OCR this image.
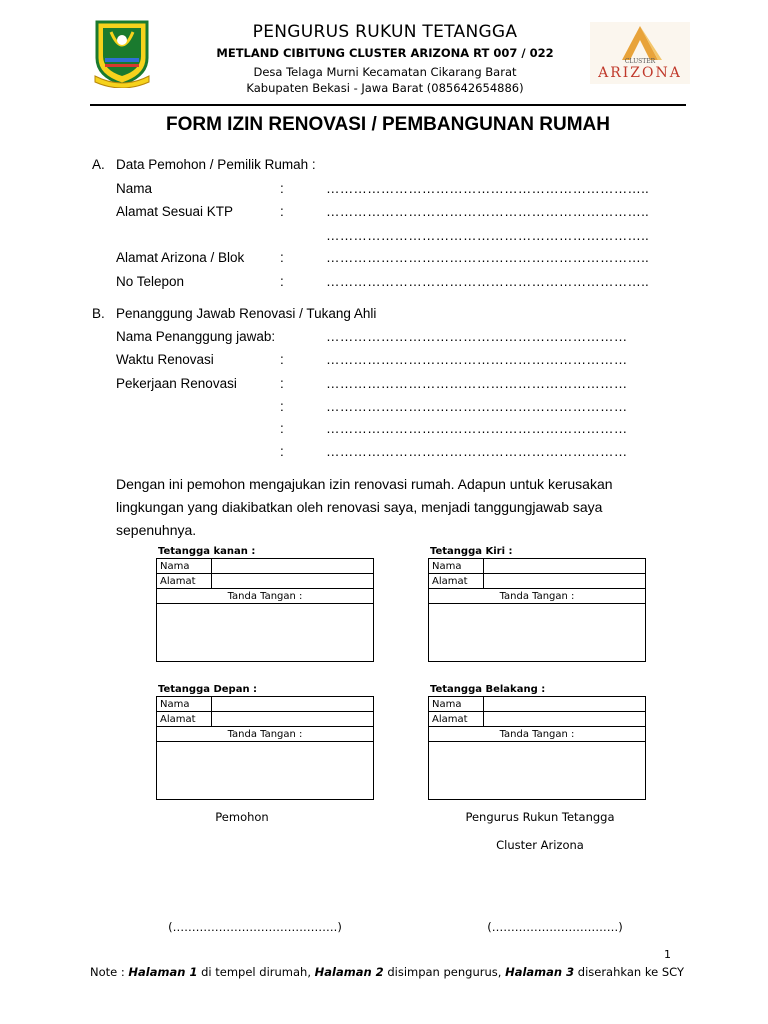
PENGURUS RUKUN TETANGGA
METLAND CIBITUNG CLUSTER ARIZONA RT 007 / 022
Desa Telaga Murni Kecamatan Cikarang Barat
Kabupaten Bekasi - Jawa Barat (085642654886)
CLUSTER
ARIZONA
FORM IZIN RENOVASI / PEMBANGUNAN RUMAH
A. Data Pemohon / Pemilik Rumah :
Nama	:	……………………………………………………………..
Alamat Sesuai KTP	:	……………………………………………………………..
……………………………………………………………..
Alamat Arizona / Blok	:	……………………………………………………………..
No Telepon	:	……………………………………………………………..
B. Penanggung Jawab Renovasi / Tukang Ahli
Nama Penanggung jawab:	…………………………………………………………
Waktu Renovasi	:	…………………………………………………………
Pekerjaan Renovasi	:	…………………………………………………………
:	…………………………………………………………
:	…………………………………………………………
:	…………………………………………………………
Dengan ini pemohon mengajukan izin renovasi rumah. Adapun untuk kerusakan lingkungan yang diakibatkan oleh renovasi saya, menjadi tanggungjawab saya sepenuhnya.
Tetangga kanan :
Nama	
Alamat	
Tanda Tangan :	

Tetangga Kiri :
Nama	
Alamat	
Tanda Tangan :	

Tetangga Depan :
Nama	
Alamat	
Tanda Tangan :	

Tetangga Belakang :
Nama	
Alamat	
Tanda Tangan :	

Pemohon	Pengurus Rukun Tetangga
Cluster Arizona
(…………………………………….)	(……………………………)
1
Note : Halaman 1 di tempel dirumah, Halaman 2 disimpan pengurus, Halaman 3 diserahkan ke SCY
